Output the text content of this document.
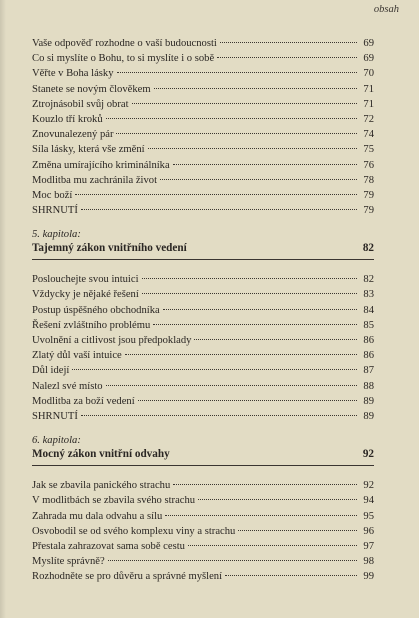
obsah
Vaše odpověď rozhodne o vaší budoucnosti	69
Co si myslíte o Bohu, to si myslíte i o sobě	69
Věřte v Boha lásky	70
Stanete se novým člověkem	71
Ztrojnásobil svůj obrat	71
Kouzlo tří kroků	72
Znovunalezený pár	74
Síla lásky, která vše změní	75
Změna umírajícího kriminálníka	76
Modlitba mu zachránila život	78
Moc boží	79
SHRNUTÍ	79
5. kapitola:
Tajemný zákon vnitřního vedení	82
Poslouchejte svou intuici	82
Vždycky je nějaké řešení	83
Postup úspěšného obchodníka	84
Řešení zvláštního problému	85
Uvolnění a citlivost jsou předpoklady	86
Zlatý důl vaší intuice	86
Důl idejí	87
Nalezl své místo	88
Modlitba za boží vedení	89
SHRNUTÍ	89
6. kapitola:
Mocný zákon vnitřní odvahy	92
Jak se zbavila panického strachu	92
V modlitbách se zbavila svého strachu	94
Zahrada mu dala odvahu a sílu	95
Osvobodil se od svého komplexu viny a strachu	96
Přestala zahrazovat sama sobě cestu	97
Myslíte správně?	98
Rozhodněte se pro důvěru a správné myšlení	99
